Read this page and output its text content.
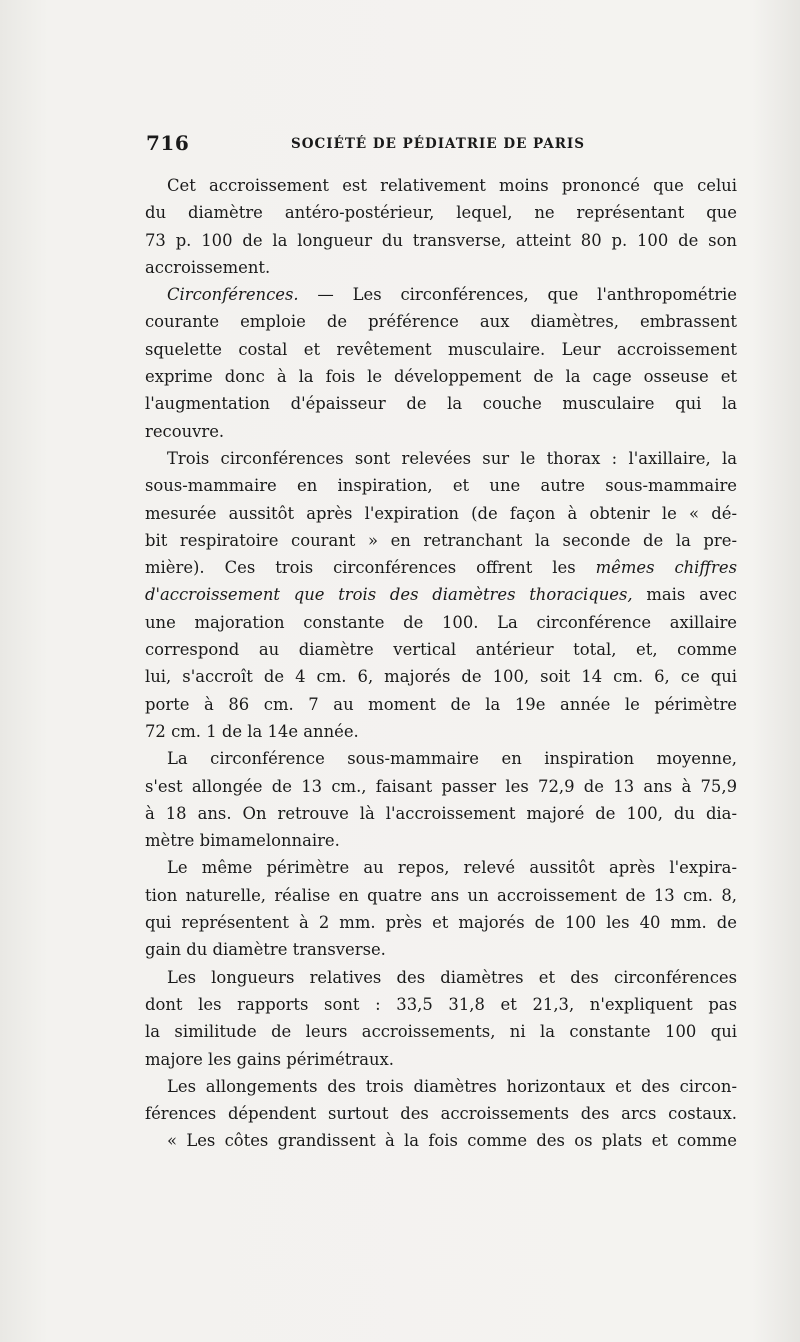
716	SOCIÉTÉ DE PÉDIATRIE DE PARIS
Cet accroissement est relativement moins prononcé que celui
du diamètre antéro-postérieur, lequel, ne représentant que
73 p. 100 de la longueur du transverse, atteint 80 p. 100 de son
accroissement.
Circonférences. — Les circonférences, que l'anthropométrie
courante emploie de préférence aux diamètres, embrassent
squelette costal et revêtement musculaire. Leur accroissement
exprime donc à la fois le développement de la cage osseuse et
l'augmentation d'épaisseur de la couche musculaire qui la
recouvre.
Trois circonférences sont relevées sur le thorax : l'axillaire, la
sous-mammaire en inspiration, et une autre sous-mammaire
mesurée aussitôt après l'expiration (de façon à obtenir le « dé-
bit respiratoire courant » en retranchant la seconde de la pre-
mière). Ces trois circonférences offrent les mêmes chiffres
d'accroissement que trois des diamètres thoraciques, mais avec
une majoration constante de 100. La circonférence axillaire
correspond au diamètre vertical antérieur total, et, comme
lui, s'accroît de 4 cm. 6, majorés de 100, soit 14 cm. 6, ce qui
porte à 86 cm. 7 au moment de la 19e année le périmètre
72 cm. 1 de la 14e année.
La circonférence sous-mammaire en inspiration moyenne,
s'est allongée de 13 cm., faisant passer les 72,9 de 13 ans à 75,9
à 18 ans. On retrouve là l'accroissement majoré de 100, du dia-
mètre bimamelonnaire.
Le même périmètre au repos, relevé aussitôt après l'expira-
tion naturelle, réalise en quatre ans un accroissement de 13 cm. 8,
qui représentent à 2 mm. près et majorés de 100 les 40 mm. de
gain du diamètre transverse.
Les longueurs relatives des diamètres et des circonférences
dont les rapports sont : 33,5 31,8 et 21,3, n'expliquent pas
la similitude de leurs accroissements, ni la constante 100 qui
majore les gains périmétraux.
Les allongements des trois diamètres horizontaux et des circon-
férences dépendent surtout des accroissements des arcs costaux.
« Les côtes grandissent à la fois comme des os plats et comme
